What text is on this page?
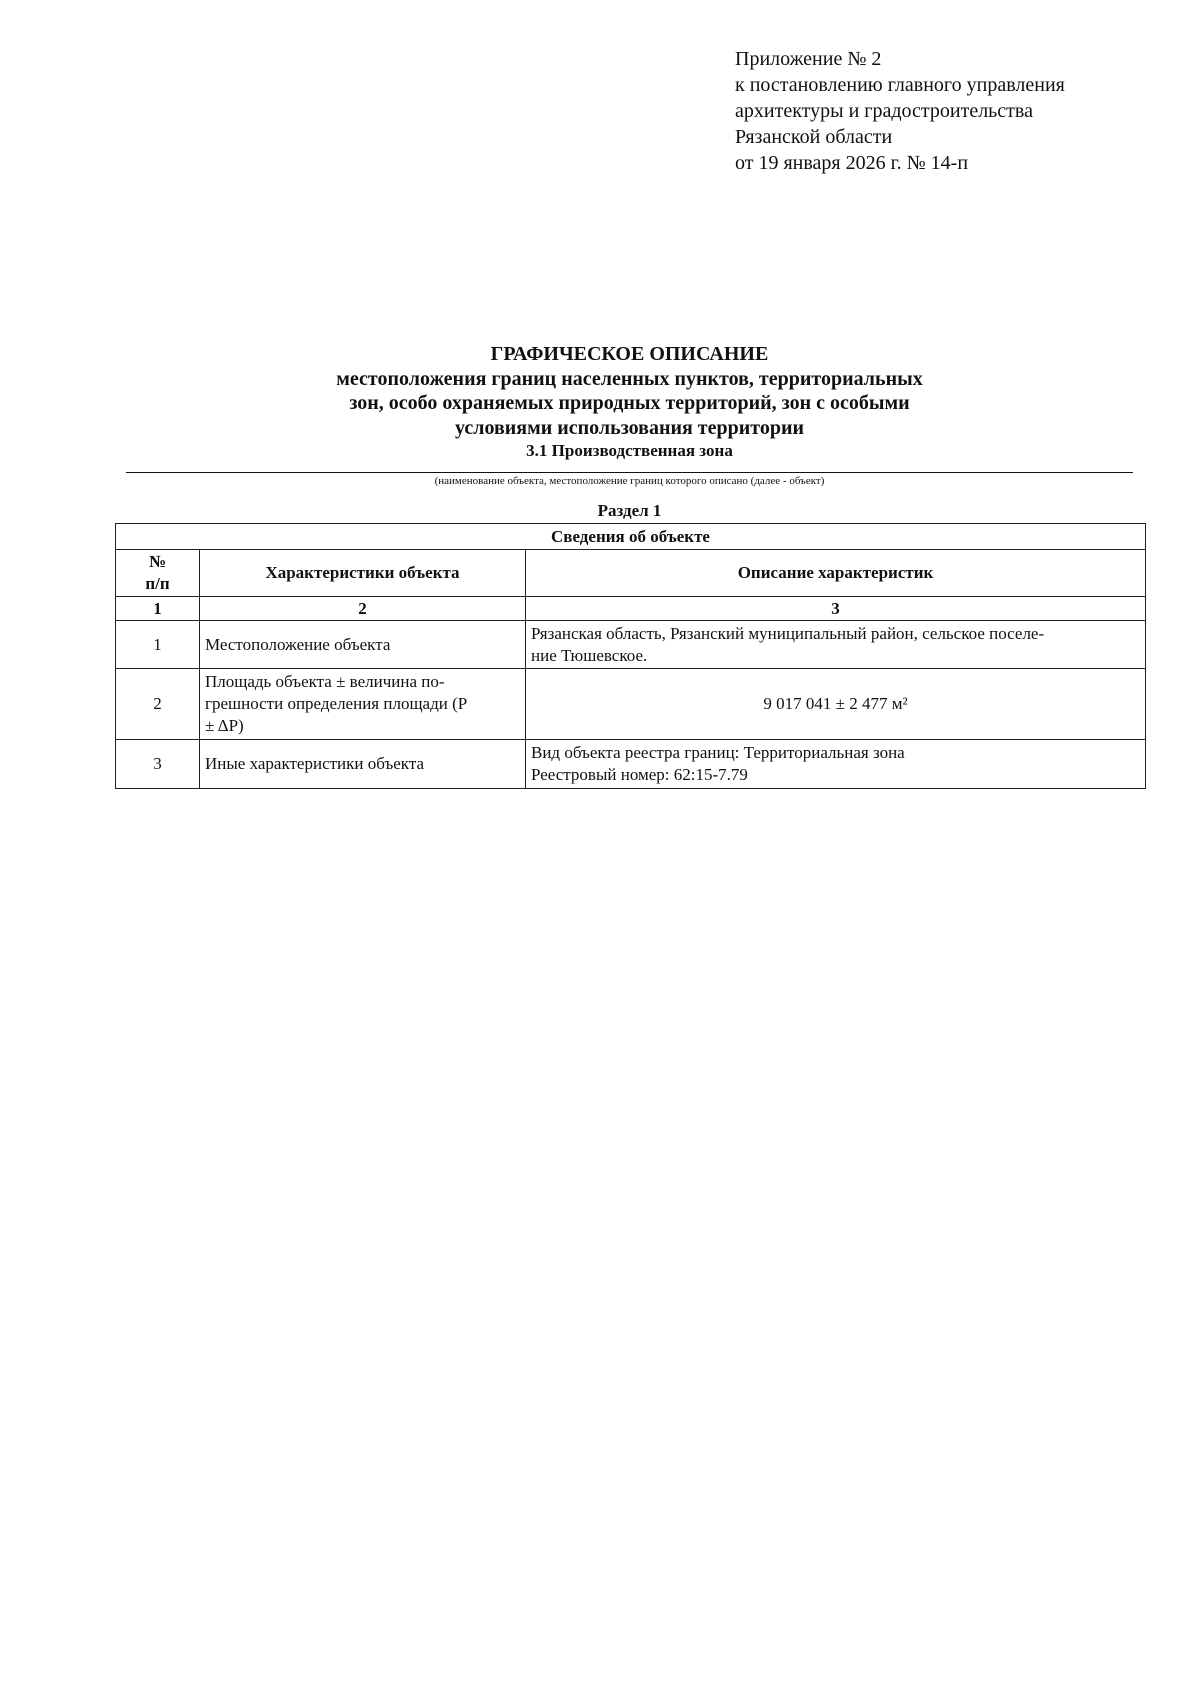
Приложение № 2
к постановлению главного управления
архитектуры и градостроительства
Рязанской области
от 19 января 2026 г. № 14-п
ГРАФИЧЕСКОЕ ОПИСАНИЕ
местоположения границ населенных пунктов, территориальных
зон, особо охраняемых природных территорий, зон с особыми
условиями использования территории
3.1 Производственная зона
(наименование объекта, местоположение границ которого описано (далее - объект)
Раздел 1
Сведения об объекте		

№
п/п	Характеристики объекта	Описание характеристик
1	2	3
1	Местоположение объекта	Рязанская область, Рязанский муниципальный район, сельское поселе-
ние Тюшевское.

2	Площадь объекта ± величина по-
грешности определения площади (P
± ΔP)	9 017 041 ± 2 477 м²
3	Иные характеристики объекта	Вид объекта реестра границ: Территориальная зона
Реестровый номер: 62:15-7.79
